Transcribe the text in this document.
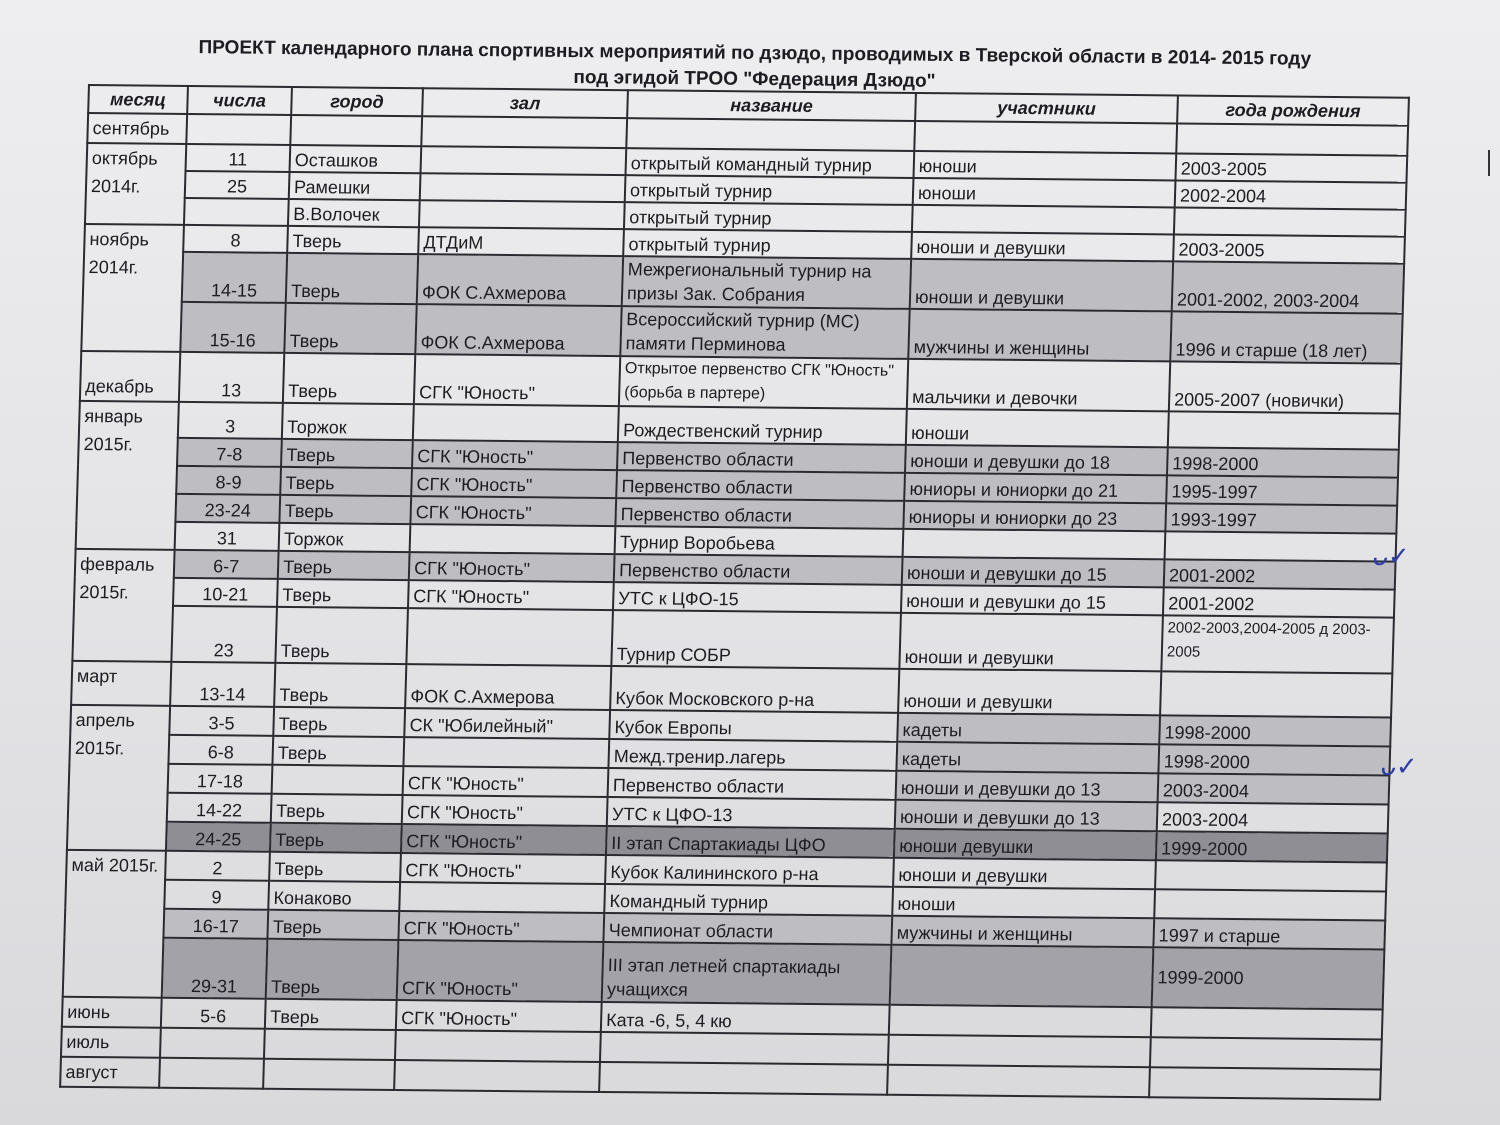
ПРОЕКТ календарного плана спортивных мероприятий по дзюдо, проводимых в Тверской области в 2014- 2015 году
под эгидой ТРОО "Федерация Дзюдо"
месяц	числа	город	зал	название	участники	года рождения
сентябрь						
октябрь 2014г.	11	Осташков		открытый командный турнир	юноши	2003-2005
	25	Рамешки		открытый турнир	юноши	2002-2004
		В.Волочек		открытый турнир		
ноябрь 2014г.	8	Тверь	ДТДиМ	открытый турнир	юноши и девушки	2003-2005
	14-15	Тверь	ФОК С.Ахмерова	Межрегиональный турнир на призы Зак. Собрания	юноши и девушки	2001-2002, 2003-2004
	15-16	Тверь	ФОК С.Ахмерова	Всероссийский турнир (МС) памяти Перминова	мужчины и женщины	1996 и старше (18 лет)
декабрь	13	Тверь	СГК "Юность"	Открытое первенство СГК "Юность" (борьба в партере)	мальчики и девочки	2005-2007 (новички)
январь 2015г.	3	Торжок		Рождественский турнир	юноши	
	7-8	Тверь	СГК "Юность"	Первенство области	юноши и девушки до 18	1998-2000
	8-9	Тверь	СГК "Юность"	Первенство области	юниоры и юниорки до 21	1995-1997
	23-24	Тверь	СГК "Юность"	Первенство области	юниоры и юниорки до 23	1993-1997
	31	Торжок		Турнир Воробьева		
февраль 2015г.	6-7	Тверь	СГК "Юность"	Первенство области	юноши и девушки до 15	2001-2002
	10-21	Тверь	СГК "Юность"	УТС к ЦФО-15	юноши и девушки до 15	2001-2002
	23	Тверь		Турнир СОБР	юноши и девушки	2002-2003,2004-2005 д 2003-2005
март	13-14	Тверь	ФОК С.Ахмерова	Кубок Московского р-на	юноши и девушки	
апрель 2015г.	3-5	Тверь	СК "Юбилейный"	Кубок Европы	кадеты	1998-2000
	6-8	Тверь		Межд.тренир.лагерь	кадеты	1998-2000
	17-18		СГК "Юность"	Первенство области	юноши и девушки до 13	2003-2004
	14-22	Тверь	СГК "Юность"	УТС к ЦФО-13	юноши и девушки до 13	2003-2004
	24-25	Тверь	СГК "Юность"	II этап Спартакиады ЦФО	юноши девушки	1999-2000
май 2015г.	2	Тверь	СГК "Юность"	Кубок Калининского р-на	юноши и девушки	
	9	Конаково		Командный турнир	юноши	
	16-17	Тверь	СГК "Юность"	Чемпионат области	мужчины и женщины	1997 и старше
	29-31	Тверь	СГК "Юность"	III этап летней спартакиады учащихся		1999-2000
июнь	5-6	Тверь	СГК "Юность"	Ката -6, 5, 4 кю		
июль						
август						
ᴗ✓
ᴗ✓
